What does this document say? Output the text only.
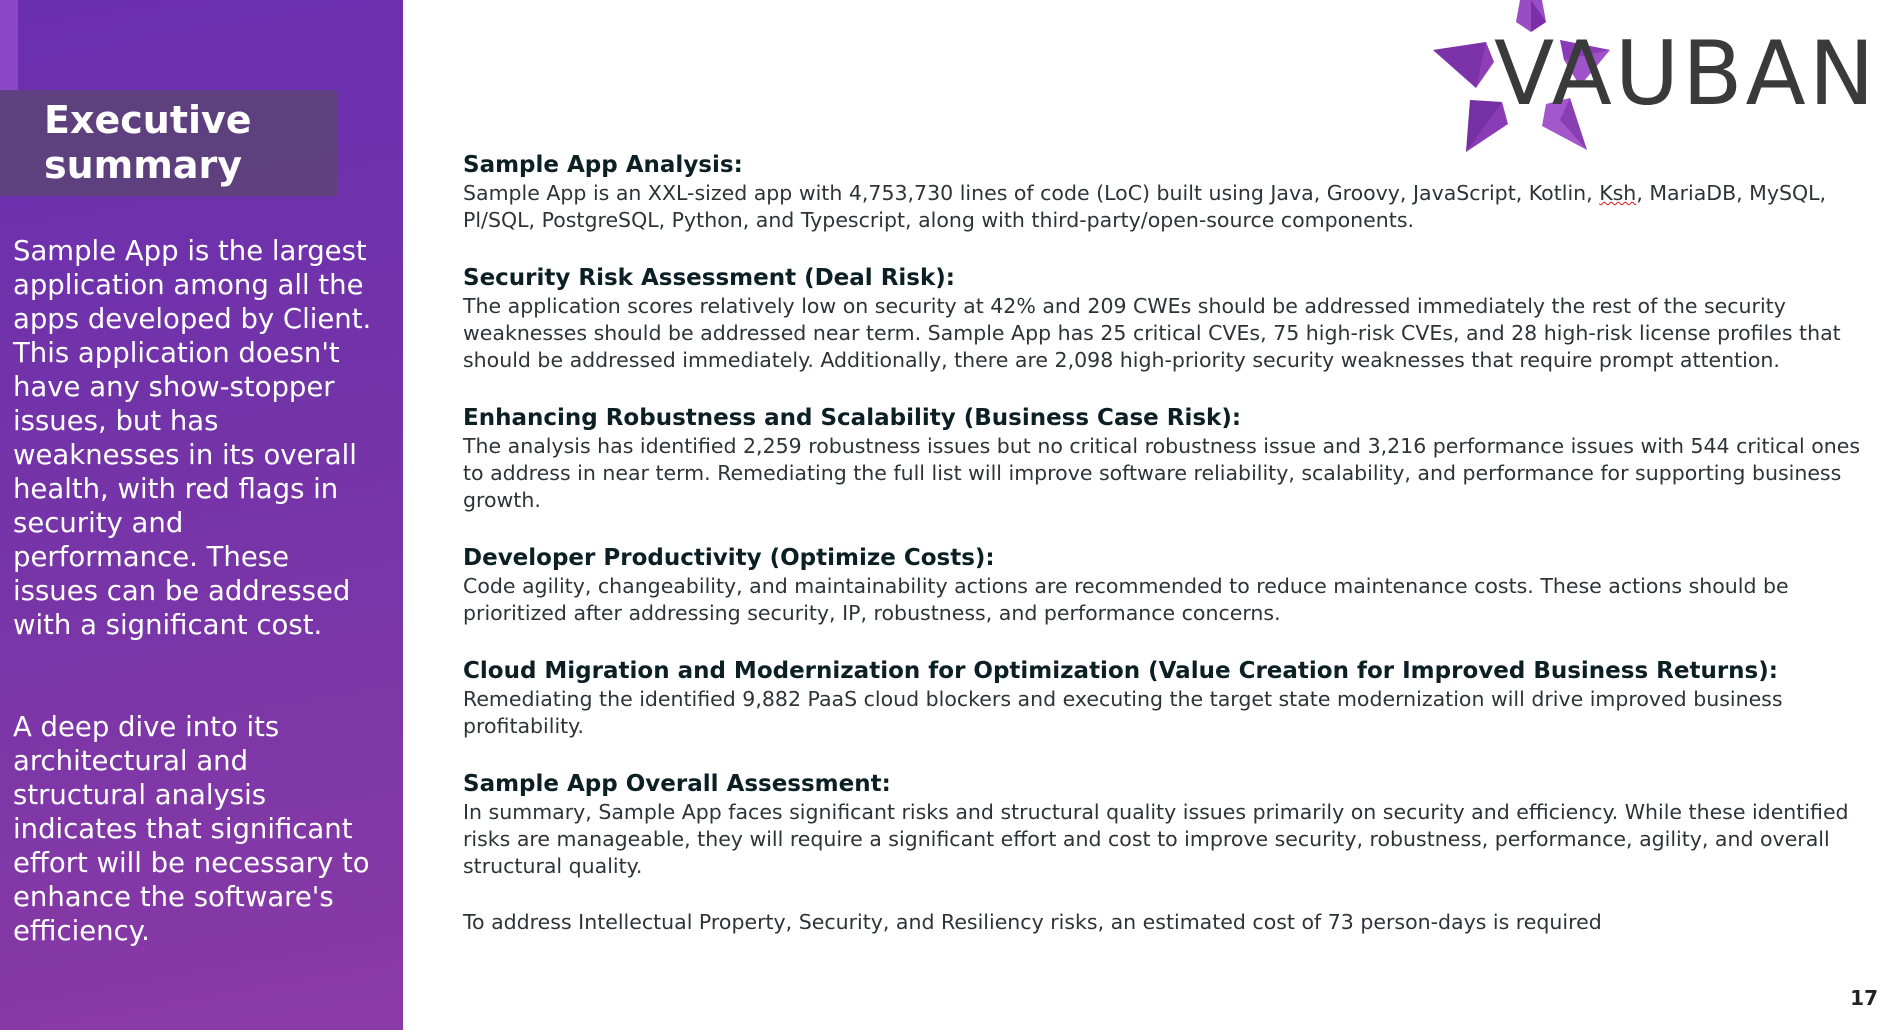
Executive summary
Sample App is the largest application among all the apps developed by Client. This application doesn't have any show-stopper issues, but has weaknesses in its overall health, with red flags in security and performance. These issues can be addressed with a significant cost.
A deep dive into its architectural and structural analysis indicates that significant effort will be necessary to enhance the software's efficiency.
VAUBAN
Sample App Analysis:

Sample App is an XXL-sized app with 4,753,730 lines of code (LoC) built using Java, Groovy, JavaScript, Kotlin, Ksh, MariaDB, MySQL, Pl/SQL, PostgreSQL, Python, and Typescript, along with third-party/open-source components.

Security Risk Assessment (Deal Risk):

The application scores relatively low on security at 42% and 209 CWEs should be addressed immediately the rest of the security weaknesses should be addressed near term. Sample App has 25 critical CVEs, 75 high-risk CVEs, and 28 high-risk license profiles that should be addressed immediately. Additionally, there are 2,098 high-priority security weaknesses that require prompt attention.

Enhancing Robustness and Scalability (Business Case Risk):

The analysis has identified 2,259 robustness issues but no critical robustness issue and 3,216 performance issues with 544 critical ones to address in near term. Remediating the full list will improve software reliability, scalability, and performance for supporting business growth.

Developer Productivity (Optimize Costs):

Code agility, changeability, and maintainability actions are recommended to reduce maintenance costs. These actions should be prioritized after addressing security, IP, robustness, and performance concerns.

Cloud Migration and Modernization for Optimization (Value Creation for Improved Business Returns):

Remediating the identified 9,882 PaaS cloud blockers and executing the target state modernization will drive improved business profitability.

Sample App Overall Assessment:

In summary, Sample App faces significant risks and structural quality issues primarily on security and efficiency. While these identified risks are manageable, they will require a significant effort and cost to improve security, robustness, performance, agility, and overall structural quality.

To address Intellectual Property, Security, and Resiliency risks, an estimated cost of 73 person-days is required

17
